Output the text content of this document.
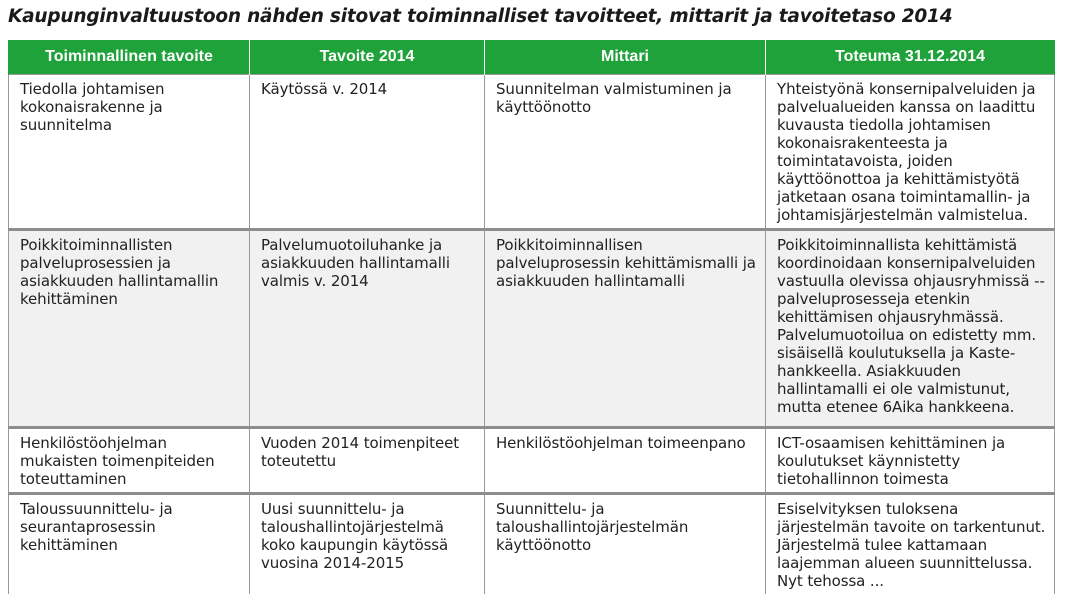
Kaupunginvaltuustoon nähden sitovat toiminnalliset tavoitteet, mittarit ja tavoitetaso 2014
Toiminnallinen tavoite	Tavoite 2014	Mittari	Toteuma 31.12.2014
Tiedolla johtamisen kokonaisrakenne ja suunnitelma	Käytössä v. 2014	Suunnitelman valmistuminen ja käyttöönotto	Yhteistyönä konsernipalveluiden ja palvelualueiden kanssa on laadittu kuvausta tiedolla johtamisen kokonaisrakenteesta ja toimintatavoista, joiden käyttöönottoa ja kehittämistyötä jatketaan osana toimintamallin- ja johtamisjärjestelmän valmistelua.
Poikkitoiminnallisten palveluprosessien ja asiakkuuden hallintamallin kehittäminen	Palvelumuotoiluhanke ja asiakkuuden hallintamalli valmis v. 2014	Poikkitoiminnallisen palveluprosessin kehittämismalli ja asiakkuuden hallintamalli	Poikkitoiminnallista kehittämistä koordinoidaan konsernipalveluiden vastuulla olevissa ohjausryhmissä -- palveluprosesseja etenkin kehittämisen ohjausryhmässä. Palvelumuotoilua on edistetty mm. sisäisellä koulutuksella ja Kaste-hankkeella. Asiakkuuden hallintamalli ei ole valmistunut, mutta etenee 6Aika hankkeena.
Henkilöstöohjelman mukaisten toimenpiteiden toteuttaminen	Vuoden 2014 toimenpiteet toteutettu	Henkilöstöohjelman toimeenpano	ICT-osaamisen kehittäminen ja koulutukset käynnistetty tietohallinnon toimesta
Taloussuunnittelu- ja seurantaprosessin kehittäminen	Uusi suunnittelu- ja taloushallintojärjestelmä koko kaupungin käytössä vuosina 2014-2015	Suunnittelu- ja taloushallintojärjestelmän käyttöönotto	Esiselvityksen tuloksena järjestelmän tavoite on tarkentunut. Järjestelmä tulee kattamaan laajemman alueen suunnittelussa. Nyt tehossa ...
